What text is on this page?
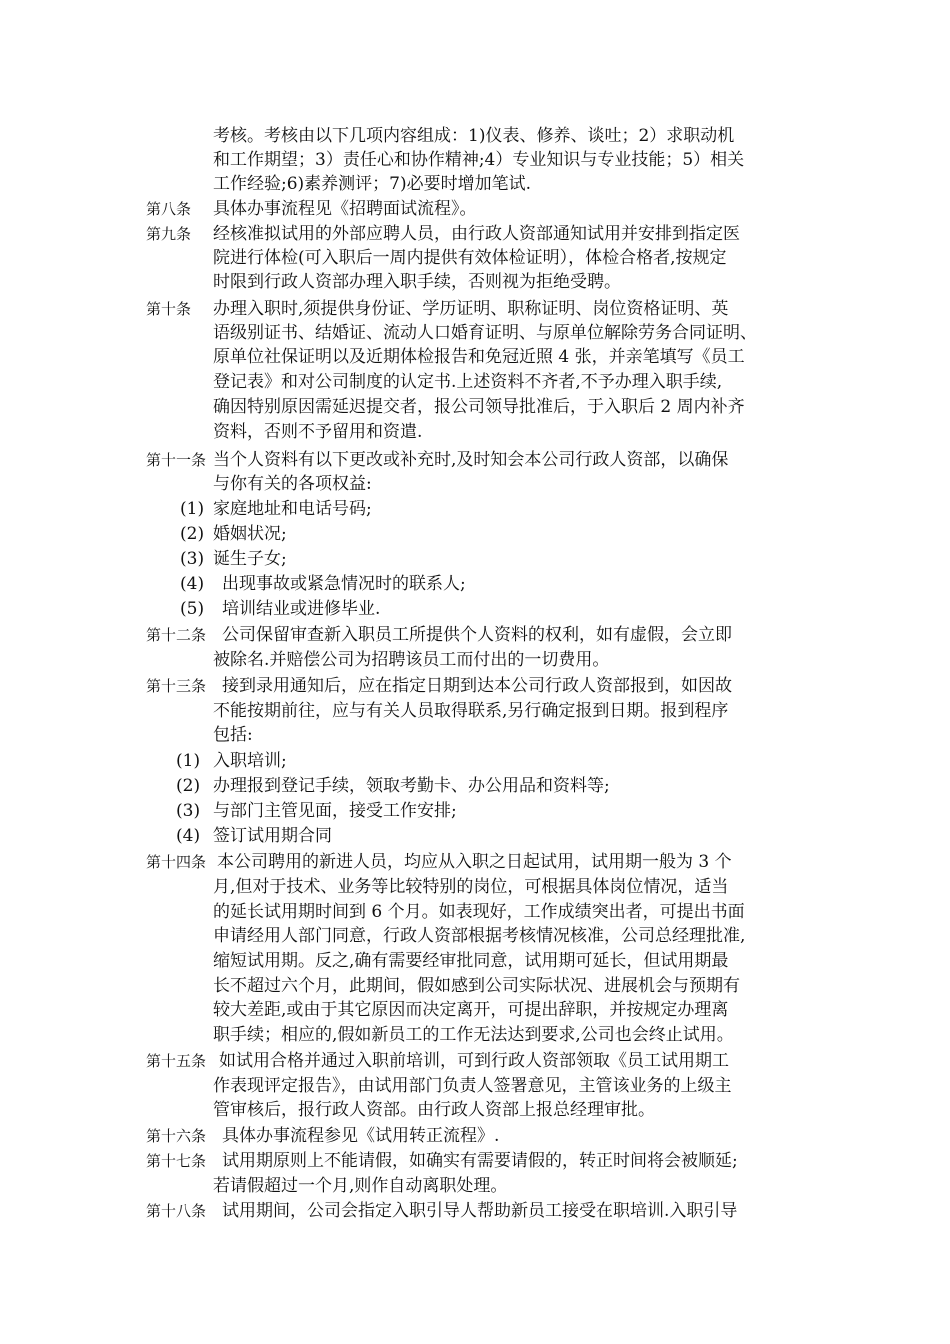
考核。考核由以下几项内容组成：1)仪表、修养、谈吐；2）求职动机
和工作期望；3）责任心和协作精神;4）专业知识与专业技能；5）相关
工作经验;6)素养测评；7)必要时增加笔试.
第八条 具体办事流程见《招聘面试流程》。
第九条 经核准拟试用的外部应聘人员，由行政人资部通知试用并安排到指定医
院进行体检(可入职后一周内提供有效体检证明），体检合格者,按规定
时限到行政人资部办理入职手续，否则视为拒绝受聘。
第十条 办理入职时,须提供身份证、学历证明、职称证明、岗位资格证明、英
语级别证书、结婚证、流动人口婚育证明、与原单位解除劳务合同证明、
原单位社保证明以及近期体检报告和免冠近照 4 张，并亲笔填写《员工
登记表》和对公司制度的认定书.上述资料不齐者,不予办理入职手续,
确因特别原因需延迟提交者，报公司领导批准后，于入职后 2 周内补齐
资料，否则不予留用和资遣.
第十一条 当个人资料有以下更改或补充时,及时知会本公司行政人资部，以确保
与你有关的各项权益:
(1) 家庭地址和电话号码;
(2) 婚姻状况;
(3) 诞生子女;
(4) 出现事故或紧急情况时的联系人;
(5) 培训结业或进修毕业.
第十二条 公司保留审查新入职员工所提供个人资料的权利，如有虚假，会立即
被除名.并赔偿公司为招聘该员工而付出的一切费用。
第十三条 接到录用通知后，应在指定日期到达本公司行政人资部报到，如因故
不能按期前往，应与有关人员取得联系,另行确定报到日期。报到程序
包括:
(1) 入职培训;
(2) 办理报到登记手续，领取考勤卡、办公用品和资料等;
(3) 与部门主管见面，接受工作安排;
(4) 签订试用期合同
第十四条 本公司聘用的新进人员，均应从入职之日起试用，试用期一般为 3 个
月,但对于技术、业务等比较特别的岗位，可根据具体岗位情况，适当
的延长试用期时间到 6 个月。如表现好，工作成绩突出者，可提出书面
申请经用人部门同意，行政人资部根据考核情况核准，公司总经理批准,
缩短试用期。反之,确有需要经审批同意，试用期可延长，但试用期最
长不超过六个月，此期间，假如感到公司实际状况、进展机会与预期有
较大差距,或由于其它原因而决定离开，可提出辞职，并按规定办理离
职手续；相应的,假如新员工的工作无法达到要求,公司也会终止试用。
第十五条 如试用合格并通过入职前培训，可到行政人资部领取《员工试用期工
作表现评定报告》，由试用部门负责人签署意见，主管该业务的上级主
管审核后，报行政人资部。由行政人资部上报总经理审批。
第十六条 具体办事流程参见《试用转正流程》.
第十七条 试用期原则上不能请假，如确实有需要请假的，转正时间将会被顺延;
若请假超过一个月,则作自动离职处理。
第十八条 试用期间，公司会指定入职引导人帮助新员工接受在职培训.入职引导
